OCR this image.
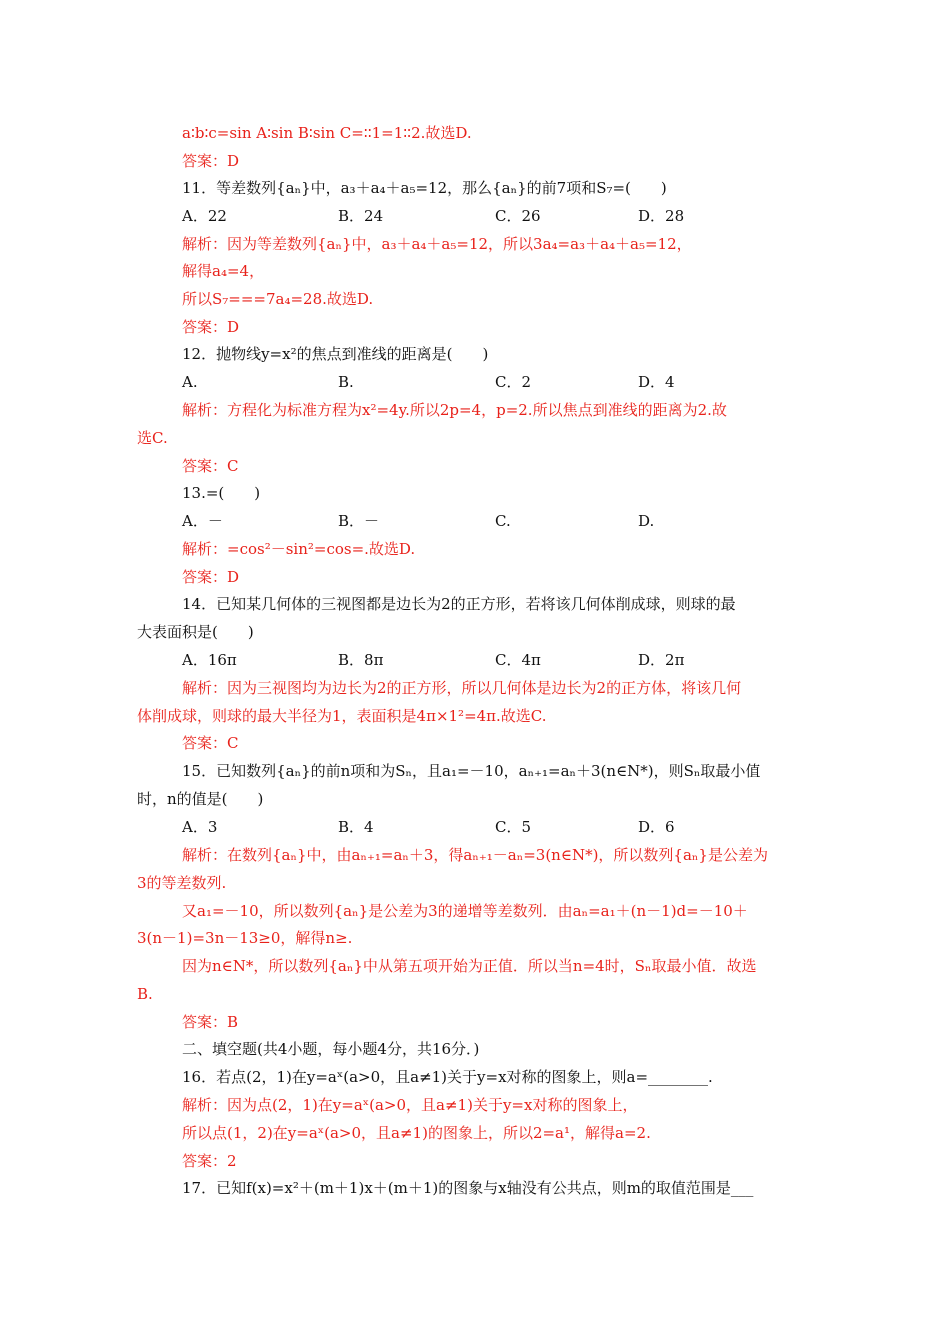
a∶b∶c=sin A∶sin B∶sin C=∶∶1=1∶∶2.故选D.
答案：D
11．等差数列{aₙ}中，a₃＋a₄＋a₅=12，那么{aₙ}的前7项和S₇=(　　)
A．22	B．24	C．26	D．28
解析：因为等差数列{aₙ}中，a₃＋a₄＋a₅=12，所以3a₄=a₃＋a₄＋a₅=12，
解得a₄=4，
所以S₇===7a₄=28.故选D.
答案：D
12．抛物线y=x²的焦点到准线的距离是(　　)
A.	B.	C．2	D．4
解析：方程化为标准方程为x²=4y.所以2p=4，p=2.所以焦点到准线的距离为2.故
选C.
答案：C
13.=(　　)
A．－	B．－	C.	D.
解析：=cos²－sin²=cos=.故选D.
答案：D
14．已知某几何体的三视图都是边长为2的正方形，若将该几何体削成球，则球的最
大表面积是(　　)
A．16π	B．8π	C．4π	D．2π
解析：因为三视图均为边长为2的正方形，所以几何体是边长为2的正方体，将该几何
体削成球，则球的最大半径为1，表面积是4π×1²=4π.故选C.
答案：C
15．已知数列{aₙ}的前n项和为Sₙ，且a₁=－10，aₙ₊₁=aₙ＋3(n∈N*)，则Sₙ取最小值
时，n的值是(　　)
A．3	B．4	C．5	D．6
解析：在数列{aₙ}中，由aₙ₊₁=aₙ＋3，得aₙ₊₁－aₙ=3(n∈N*)，所以数列{aₙ}是公差为
3的等差数列.
又a₁=－10，所以数列{aₙ}是公差为3的递增等差数列．由aₙ=a₁＋(n－1)d=－10＋
3(n－1)=3n－13≥0，解得n≥.
因为n∈N*，所以数列{aₙ}中从第五项开始为正值．所以当n=4时，Sₙ取最小值．故选
B.
答案：B
二、填空题(共4小题，每小题4分，共16分．)
16．若点(2，1)在y=aˣ(a>0，且a≠1)关于y=x对称的图象上，则a=________.
解析：因为点(2，1)在y=aˣ(a>0，且a≠1)关于y=x对称的图象上，
所以点(1，2)在y=aˣ(a>0，且a≠1)的图象上，所以2=a¹，解得a=2.
答案：2
17．已知f(x)=x²＋(m＋1)x＋(m＋1)的图象与x轴没有公共点，则m的取值范围是___
